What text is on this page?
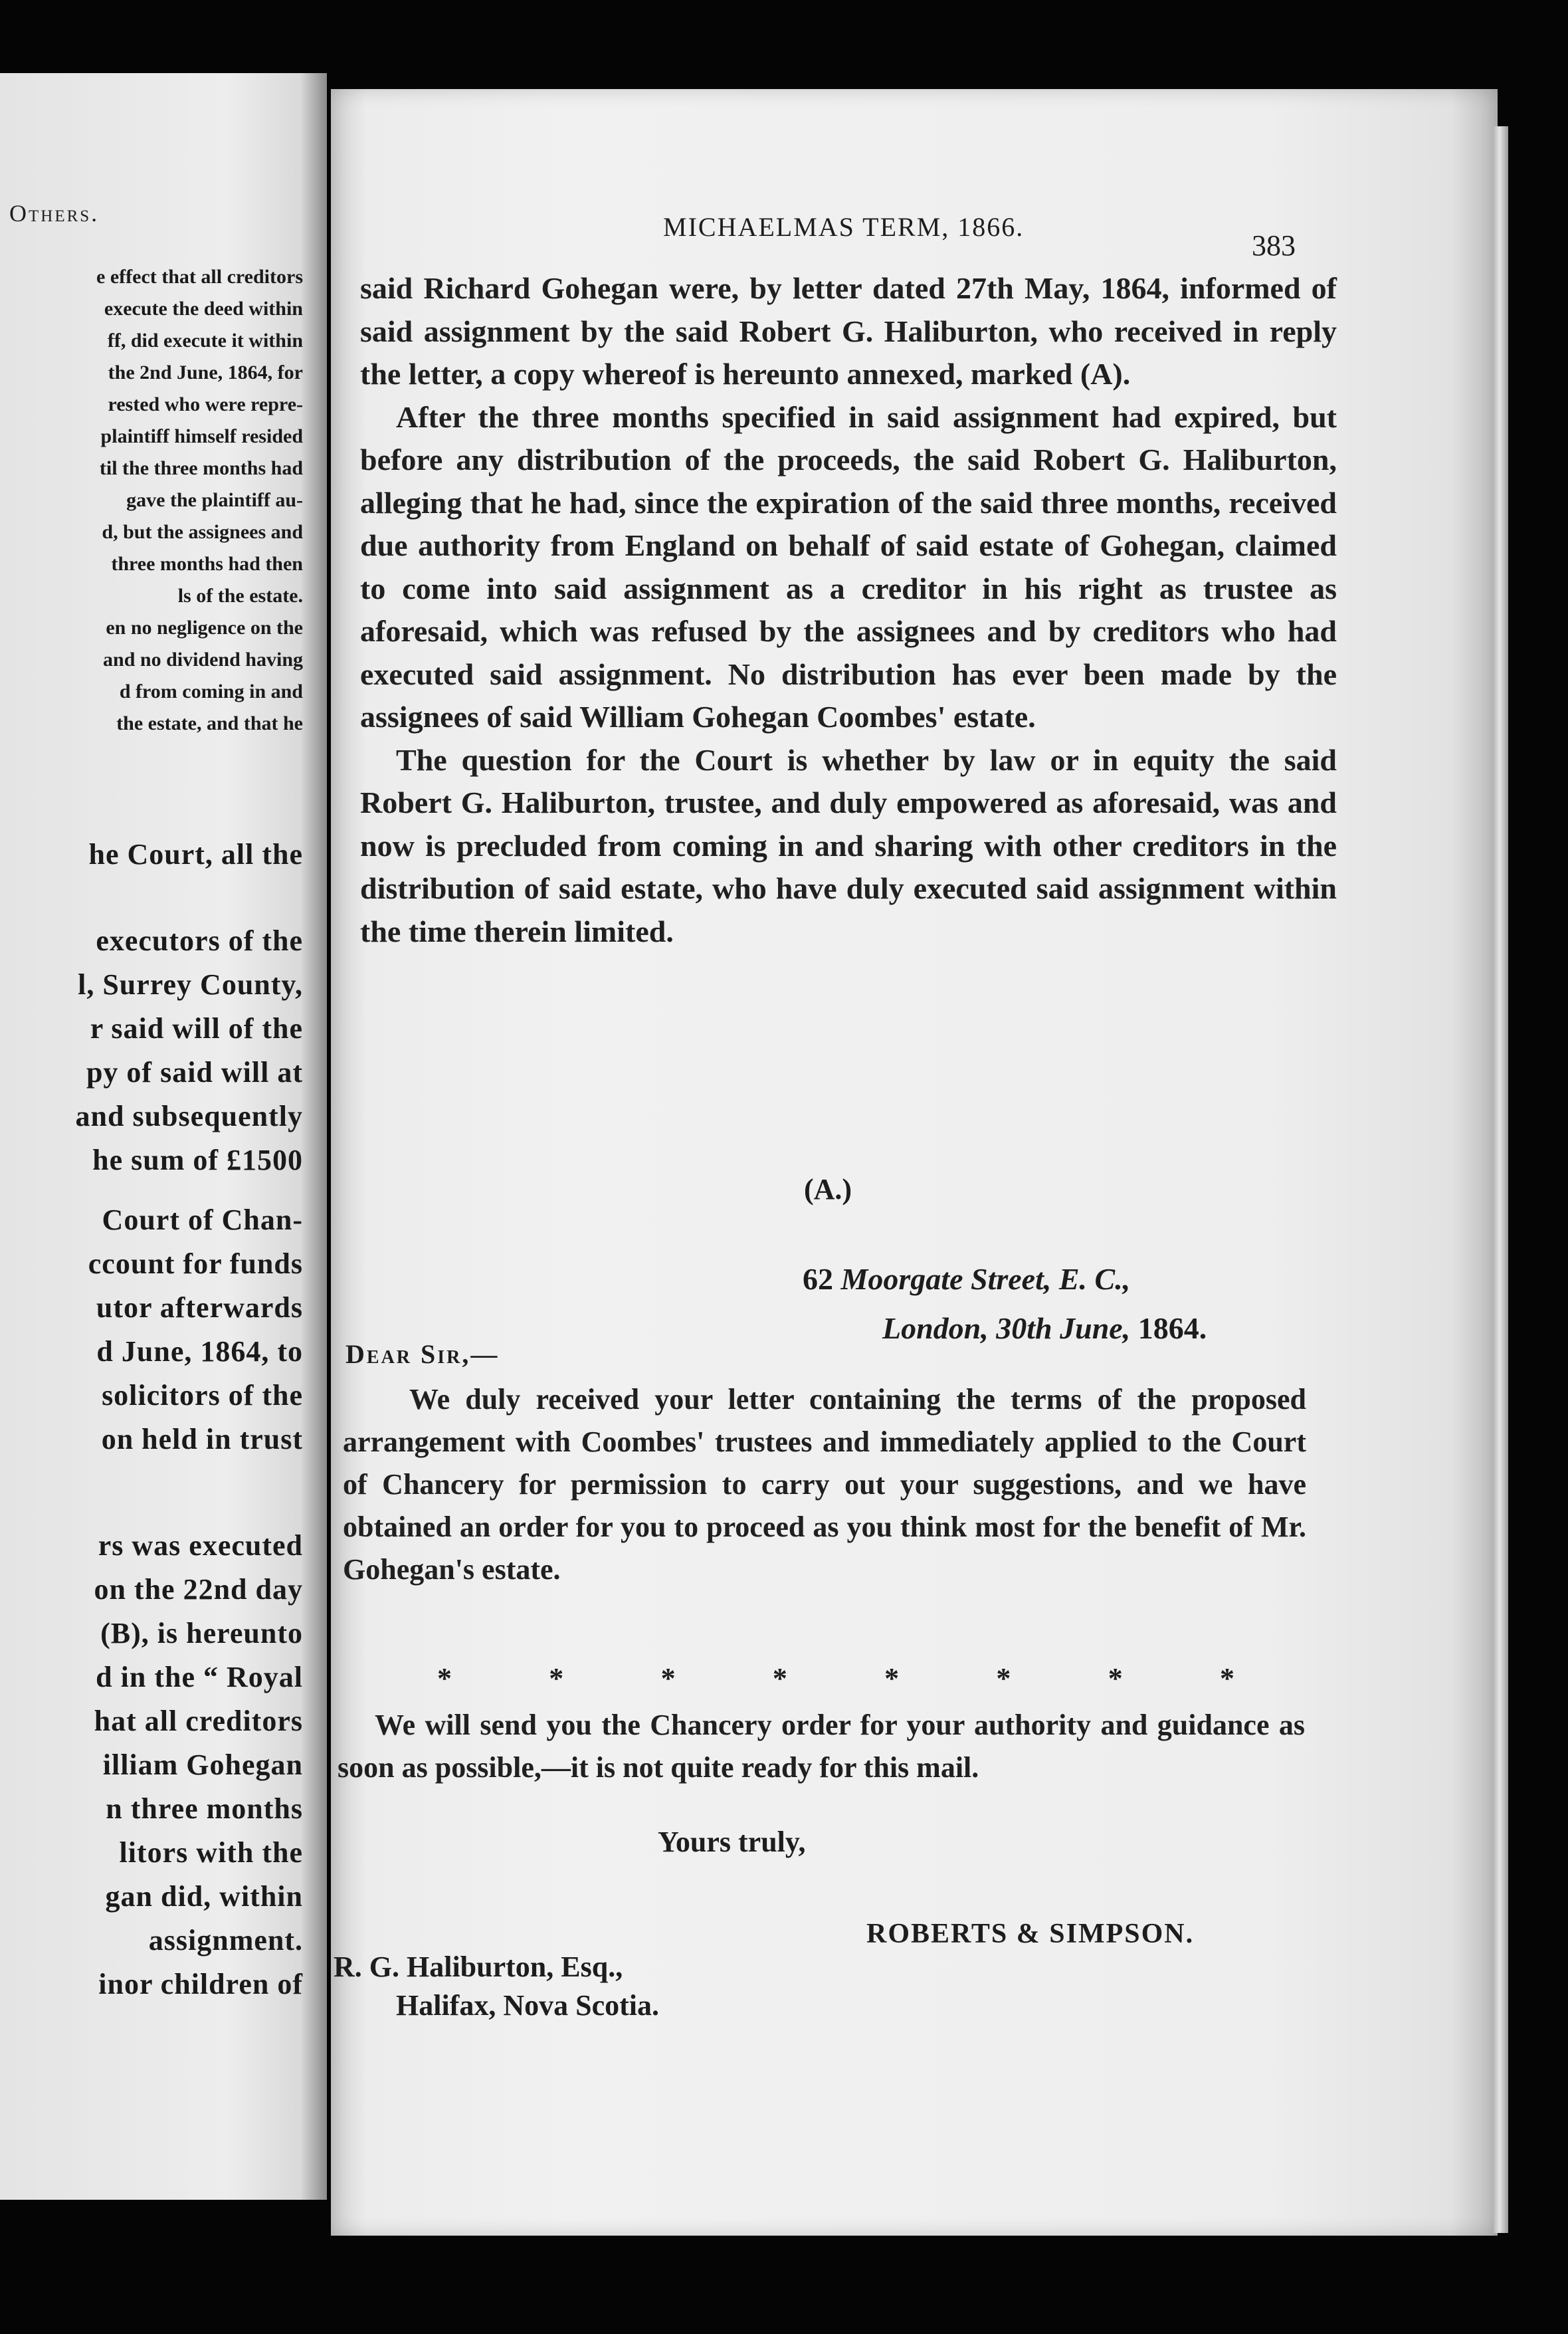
Others.
e effect that all creditors
execute the deed within
ff, did execute it within
the 2nd June, 1864, for
rested who were repre-
plaintiff himself resided
til the three months had
gave the plaintiff au-
d, but the assignees and
three months had then
ls of the estate.
en no negligence on the
and no dividend having
d from coming in and
the estate, and that he
he Court, all the
executors of the
l, Surrey County,
r said will of the
py of said will at
and subsequently
he sum of £1500
Court of Chan-
ccount for funds
utor afterwards
d June, 1864, to
solicitors of the
on held in trust
rs was executed
on the 22nd day
(B), is hereunto
d in the “ Royal
hat all creditors
illiam Gohegan
n three months
litors with the
gan did, within
assignment.
inor children of
MICHAELMAS TERM, 1866.
383

said Richard Gohegan were, by letter dated 27th May, 1864, informed of said assignment by the said Robert G. Haliburton, who received in reply the letter, a copy whereof is hereunto annexed, marked (A).

After the three months specified in said assignment had expired, but before any distribution of the proceeds, the said Robert G. Haliburton, alleging that he had, since the expiration of the said three months, received due authority from England on behalf of said estate of Gohegan, claimed to come into said assignment as a creditor in his right as trustee as aforesaid, which was refused by the assignees and by creditors who had executed said assignment. No distribution has ever been made by the assignees of said William Gohegan Coombes' estate.

The question for the Court is whether by law or in equity the said Robert G. Haliburton, trustee, and duly empowered as aforesaid, was and now is precluded from coming in and sharing with other creditors in the distribution of said estate, who have duly executed said assignment within the time therein limited.

(A.)
62 Moorgate Street, E. C.,
London, 30th June, 1864.
Dear Sir,—

We duly received your letter containing the terms of the proposed arrangement with Coombes' trustees and immediately applied to the Court of Chancery for permission to carry out your suggestions, and we have obtained an order for you to proceed as you think most for the benefit of Mr. Gohegan's estate.

*	*	*	*	*	*	*	*

We will send you the Chancery order for your authority and guidance as soon as possible,—it is not quite ready for this mail.

Yours truly,
ROBERTS & SIMPSON.
R. G. Haliburton, Esq.,
Halifax, Nova Scotia.
